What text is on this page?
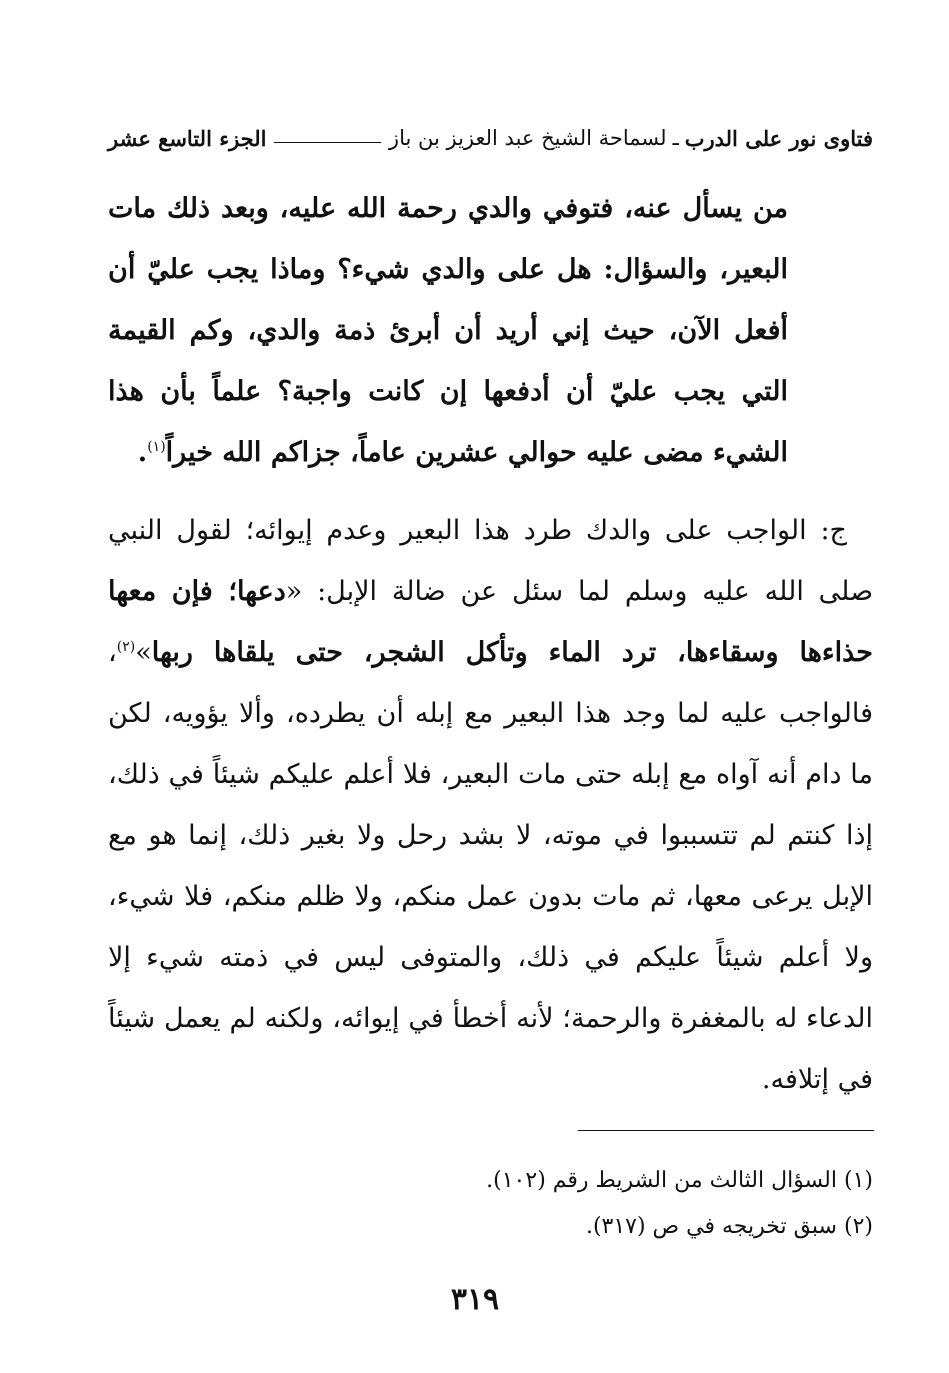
فتاوى نور على الدرب
ـ
لسماحة الشيخ عبد العزيز بن باز
الجزء التاسع عشر

من يسأل عنه، فتوفي والدي رحمة الله عليه، وبعد ذلك مات البعير، والسؤال: هل على والدي شيء؟ وماذا يجب عليّ أن أفعل الآن، حيث إني أريد أن أبرئ ذمة والدي، وكم القيمة التي يجب عليّ أن أدفعها إن كانت واجبة؟ علماً بأن هذا الشيء مضى عليه حوالي عشرين عاماً، جزاكم الله خيراً$^{(١)}$.

ج: الواجب على والدك طرد هذا البعير وعدم إيوائه؛ لقول النبي صلى الله عليه وسلم لما سئل عن ضالة الإبل: «دعها؛ فإن معها حذاءها وسقاءها، ترد الماء وتأكل الشجر، حتى يلقاها ربها»$^{(٢)}$، فالواجب عليه لما وجد هذا البعير مع إبله أن يطرده، وألا يؤويه، لكن ما دام أنه آواه مع إبله حتى مات البعير، فلا أعلم عليكم شيئاً في ذلك، إذا كنتم لم تتسببوا في موته، لا بشد رحل ولا بغير ذلك، إنما هو مع الإبل يرعى معها، ثم مات بدون عمل منكم، ولا ظلم منكم، فلا شيء، ولا أعلم شيئاً عليكم في ذلك، والمتوفى ليس في ذمته شيء إلا الدعاء له بالمغفرة والرحمة؛ لأنه أخطأ في إيوائه، ولكنه لم يعمل شيئاً في إتلافه.

(١) السؤال الثالث من الشريط رقم (١٠٢).
(٢) سبق تخريجه في ص (٣١٧).
٣١٩
